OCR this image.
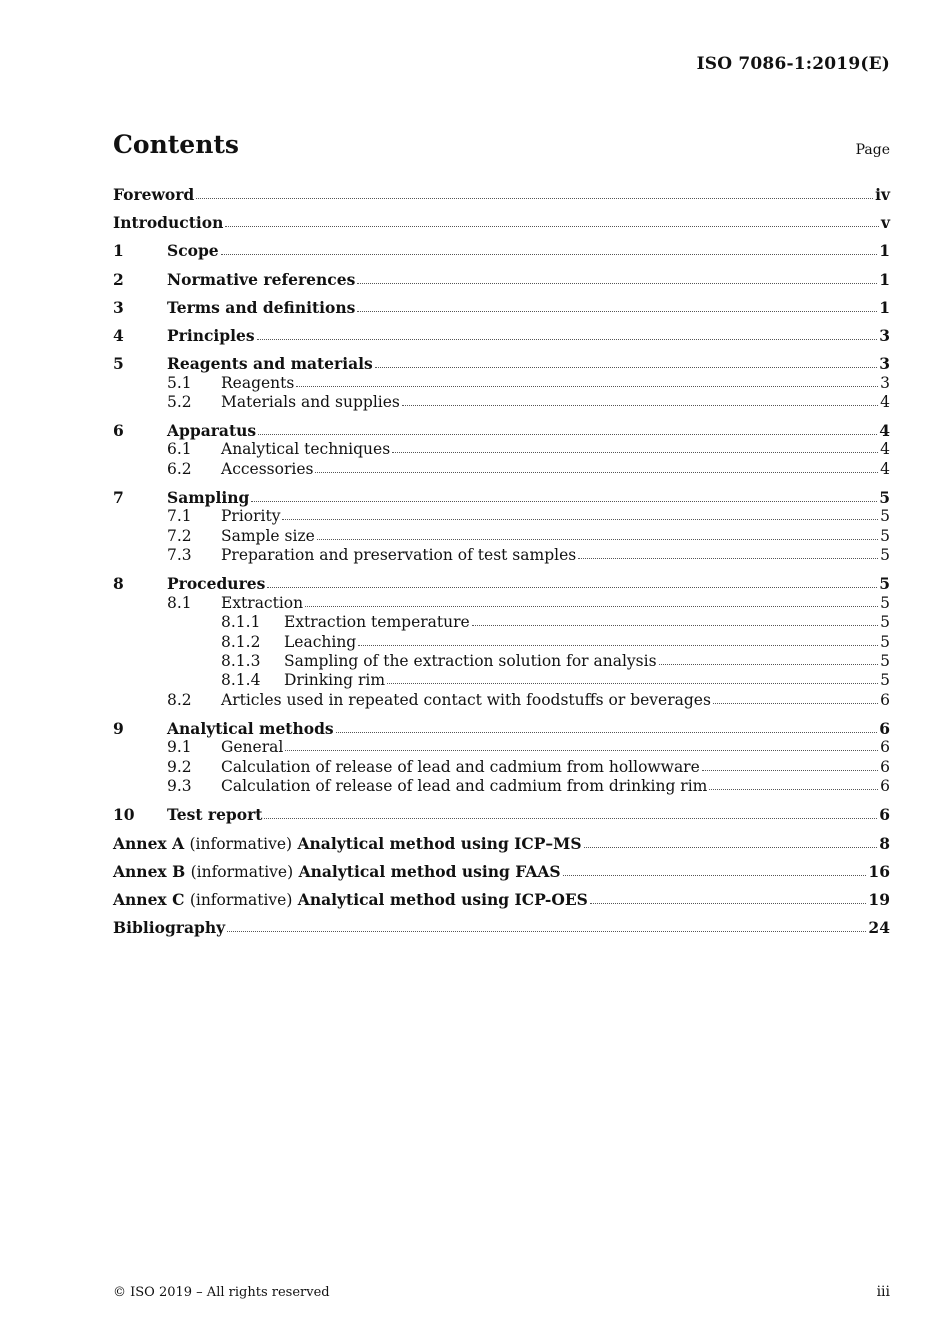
ISO 7086-1:2019(E)
Contents	Page
Foreword	iv
Introduction	v
1	Scope	1
2	Normative references	1
3	Terms and definitions	1
4	Principles	3
5	Reagents and materials	3
5.1	Reagents	3
5.2	Materials and supplies	4
6	Apparatus	4
6.1	Analytical techniques	4
6.2	Accessories	4
7	Sampling	5
7.1	Priority	5
7.2	Sample size	5
7.3	Preparation and preservation of test samples	5
8	Procedures	5
8.1	Extraction	5
8.1.1	Extraction temperature	5
8.1.2	Leaching	5
8.1.3	Sampling of the extraction solution for analysis	5
8.1.4	Drinking rim	5
8.2	Articles used in repeated contact with foodstuffs or beverages	6
9	Analytical methods	6
9.1	General	6
9.2	Calculation of release of lead and cadmium from hollowware	6
9.3	Calculation of release of lead and cadmium from drinking rim	6
10	Test report	6
Annex A (informative) Analytical method using ICP–MS	8
Annex B (informative) Analytical method using FAAS	16
Annex C (informative) Analytical method using ICP-OES	19
Bibliography	24
© ISO 2019 – All rights reserved	iii
